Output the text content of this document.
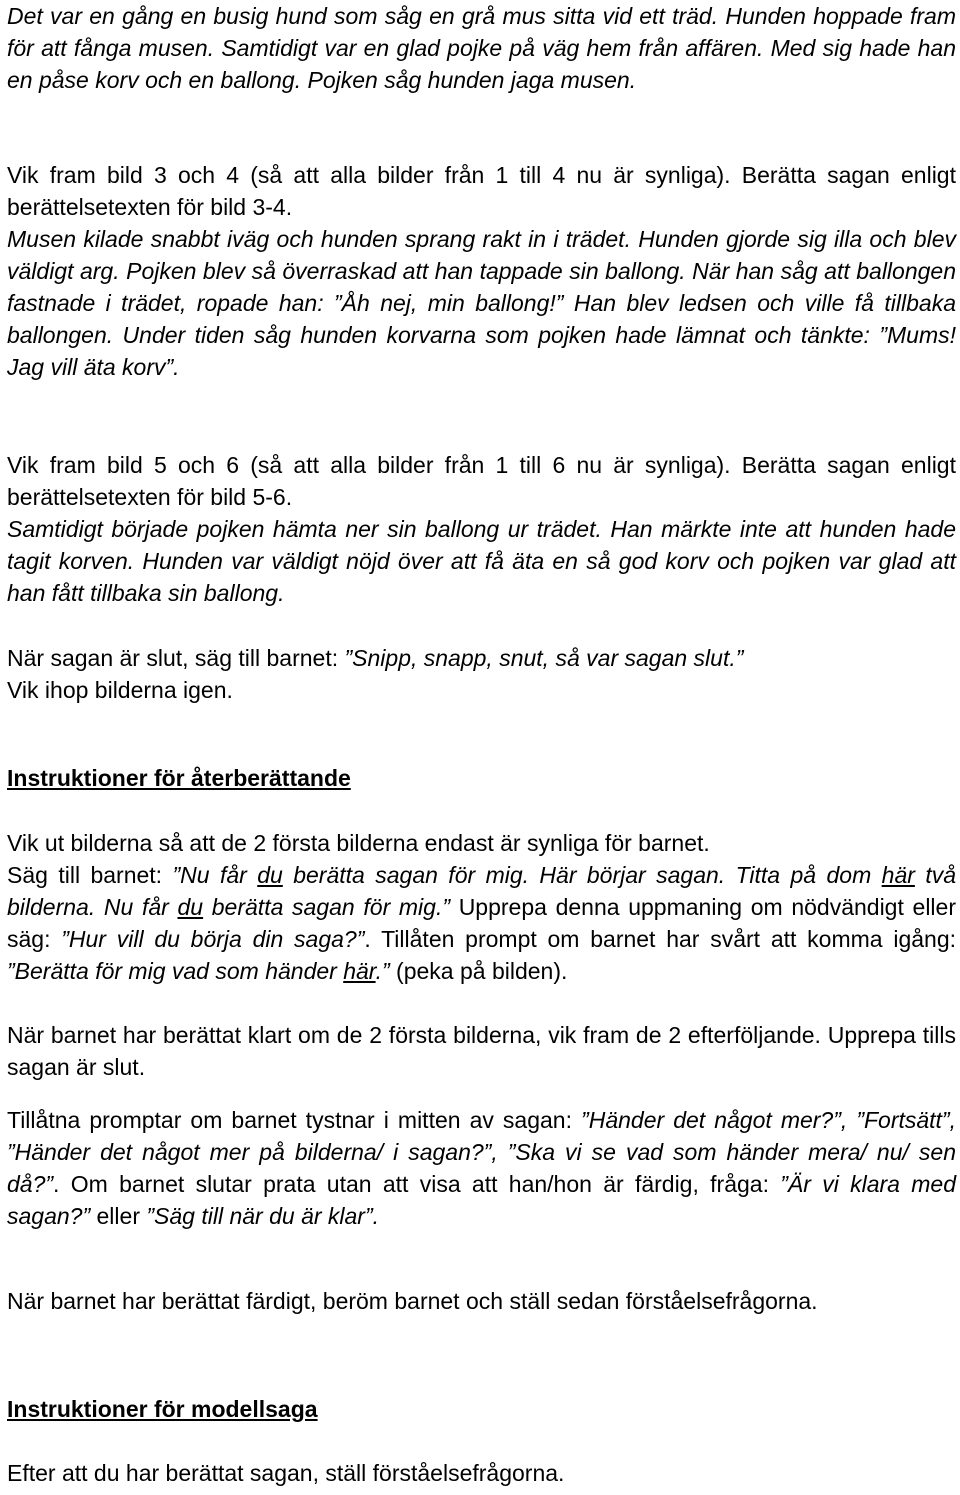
Det var en gång en busig hund som såg en grå mus sitta vid ett träd. Hunden hoppade fram för att fånga musen. Samtidigt var en glad pojke på väg hem från affären. Med sig hade han en påse korv och en ballong. Pojken såg hunden jaga musen.

Vik fram bild 3 och 4 (så att alla bilder från 1 till 4 nu är synliga). Berätta sagan enligt berättelsetexten för bild 3-4.
Musen kilade snabbt iväg och hunden sprang rakt in i trädet. Hunden gjorde sig illa och blev väldigt arg. Pojken blev så överraskad att han tappade sin ballong. När han såg att ballongen fastnade i trädet, ropade han: ”Åh nej, min ballong!” Han blev ledsen och ville få tillbaka ballongen. Under tiden såg hunden korvarna som pojken hade lämnat och tänkte: ”Mums! Jag vill äta korv”.

Vik fram bild 5 och 6 (så att alla bilder från 1 till 6 nu är synliga). Berätta sagan enligt berättelsetexten för bild 5-6.
Samtidigt började pojken hämta ner sin ballong ur trädet. Han märkte inte att hunden hade tagit korven. Hunden var väldigt nöjd över att få äta en så god korv och pojken var glad att han fått tillbaka sin ballong.

När sagan är slut, säg till barnet: ”Snipp, snapp, snut, så var sagan slut.”
Vik ihop bilderna igen.

Instruktioner för återberättande

Vik ut bilderna så att de 2 första bilderna endast är synliga för barnet.

Säg till barnet: ”Nu får du berätta sagan för mig. Här börjar sagan. Titta på dom här två bilderna. Nu får du berätta sagan för mig.” Upprepa denna uppmaning om nödvändigt eller säg: ”Hur vill du börja din saga?”. Tillåten prompt om barnet har svårt att komma igång: ”Berätta för mig vad som händer här.” (peka på bilden).

När barnet har berättat klart om de 2 första bilderna, vik fram de 2 efterföljande. Upprepa tills sagan är slut.

Tillåtna promptar om barnet tystnar i mitten av sagan: ”Händer det något mer?”, ”Fortsätt”, ”Händer det något mer på bilderna/ i sagan?”, ”Ska vi se vad som händer mera/ nu/ sen då?”. Om barnet slutar prata utan att visa att han/hon är färdig, fråga: ”Är vi klara med sagan?” eller ”Säg till när du är klar”.

När barnet har berättat färdigt, beröm barnet och ställ sedan förståelsefrågorna.

Instruktioner för modellsaga

Efter att du har berättat sagan, ställ förståelsefrågorna.
